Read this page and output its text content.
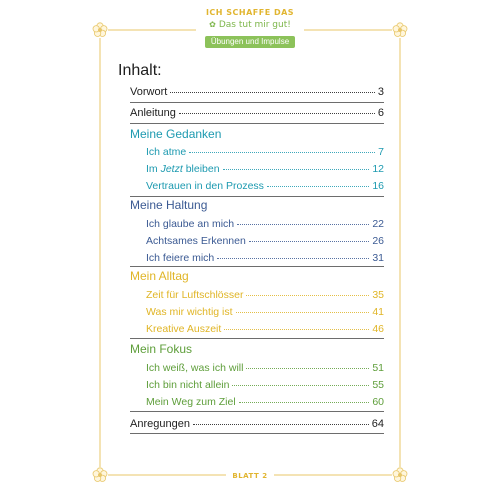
ICH SCHAFFE DAS
✿ Das tut mir gut!
Übungen und Impulse
Inhalt:
Vorwort	3
Anleitung	6
Meine Gedanken
Ich atme	7
Im Jetzt bleiben	12
Vertrauen in den Prozess	16
Meine Haltung
Ich glaube an mich	22
Achtsames Erkennen	26
Ich feiere mich	31
Mein Alltag
Zeit für Luftschlösser	35
Was mir wichtig ist	41
Kreative Auszeit	46
Mein Fokus
Ich weiß, was ich will	51
Ich bin nicht allein	55
Mein Weg zum Ziel	60
Anregungen	64
BLATT 2
